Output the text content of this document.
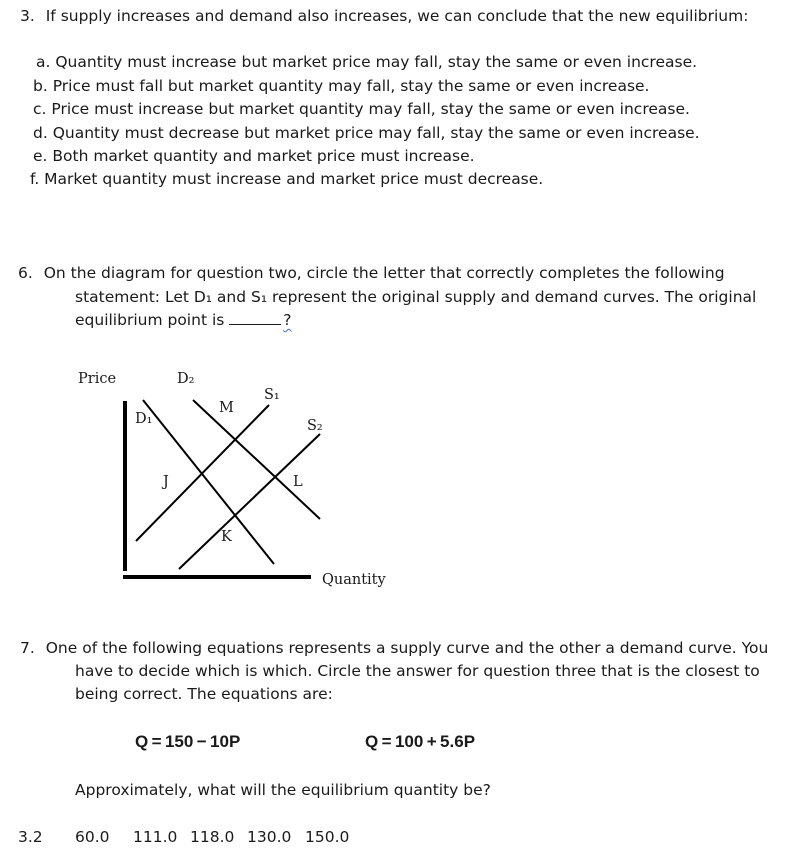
3. If supply increases and demand also increases, we can conclude that the new equilibrium:
a. Quantity must increase but market price may fall, stay the same or even increase.
b. Price must fall but market quantity may fall, stay the same or even increase.
c. Price must increase but market quantity may fall, stay the same or even increase.
d. Quantity must decrease but market price may fall, stay the same or even increase.
e. Both market quantity and market price must increase.
f. Market quantity must increase and market price must decrease.
6. On the diagram for question two, circle the letter that correctly completes the following
statement: Let D₁ and S₁ represent the original supply and demand curves. The original
equilibrium point is	?
Price	D₂
S₁
M
D₁	S₂
J	L
K
Quantity
7. One of the following equations represents a supply curve and the other a demand curve. You
have to decide which is which. Circle the answer for question three that is the closest to
being correct. The equations are:
Q = 150 − 10P	Q = 100 + 5.6P
Approximately, what will the equilibrium quantity be?
3.2 60.0 111.0 118.0 130.0 150.0
